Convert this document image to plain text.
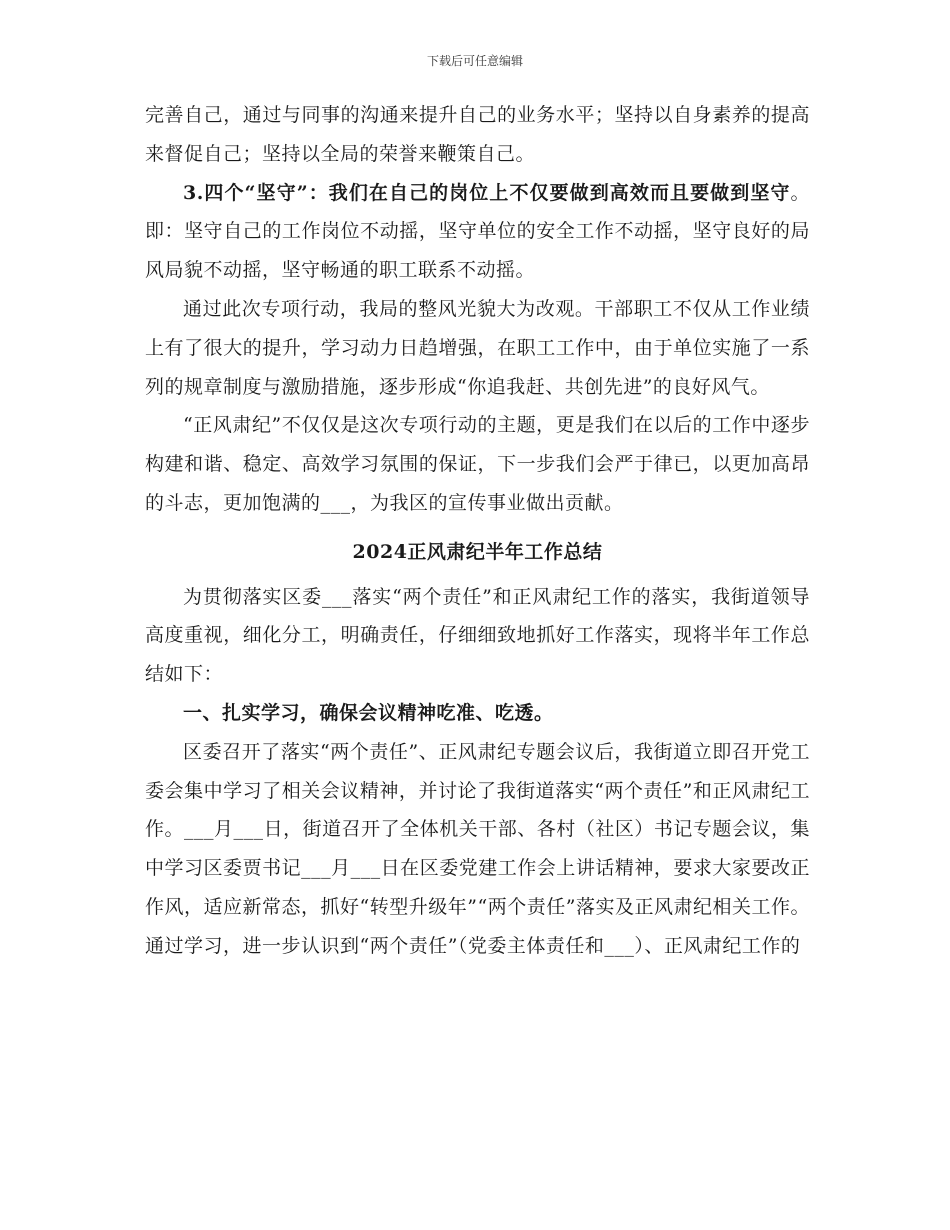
下载后可任意编辑

完善自己，通过与同事的沟通来提升自己的业务水平；坚持以自身素养的提高来督促自己；坚持以全局的荣誉来鞭策自己。

3.四个“坚守”：我们在自己的岗位上不仅要做到高效而且要做到坚守。即：坚守自己的工作岗位不动摇，坚守单位的安全工作不动摇，坚守良好的局风局貌不动摇，坚守畅通的职工联系不动摇。

通过此次专项行动，我局的整风光貌大为改观。干部职工不仅从工作业绩上有了很大的提升，学习动力日趋增强，在职工工作中，由于单位实施了一系列的规章制度与激励措施，逐步形成“你追我赶、共创先进”的良好风气。

“正风肃纪”不仅仅是这次专项行动的主题，更是我们在以后的工作中逐步构建和谐、稳定、高效学习氛围的保证，下一步我们会严于律已，以更加高昂的斗志，更加饱满的___，为我区的宣传事业做出贡献。

2024正风肃纪半年工作总结

为贯彻落实区委___落实“两个责任”和正风肃纪工作的落实，我街道领导高度重视，细化分工，明确责任，仔细细致地抓好工作落实，现将半年工作总结如下：

一、扎实学习，确保会议精神吃准、吃透。

区委召开了落实“两个责任”、正风肃纪专题会议后，我街道立即召开党工委会集中学习了相关会议精神，并讨论了我街道落实“两个责任”和正风肃纪工作。___月___日，街道召开了全体机关干部、各村（社区）书记专题会议，集中学习区委贾书记___月___日在区委党建工作会上讲话精神，要求大家要改正作风，适应新常态，抓好“转型升级年”“两个责任”落实及正风肃纪相关工作。通过学习，进一步认识到“两个责任”（党委主体责任和___）、正风肃纪工作的
